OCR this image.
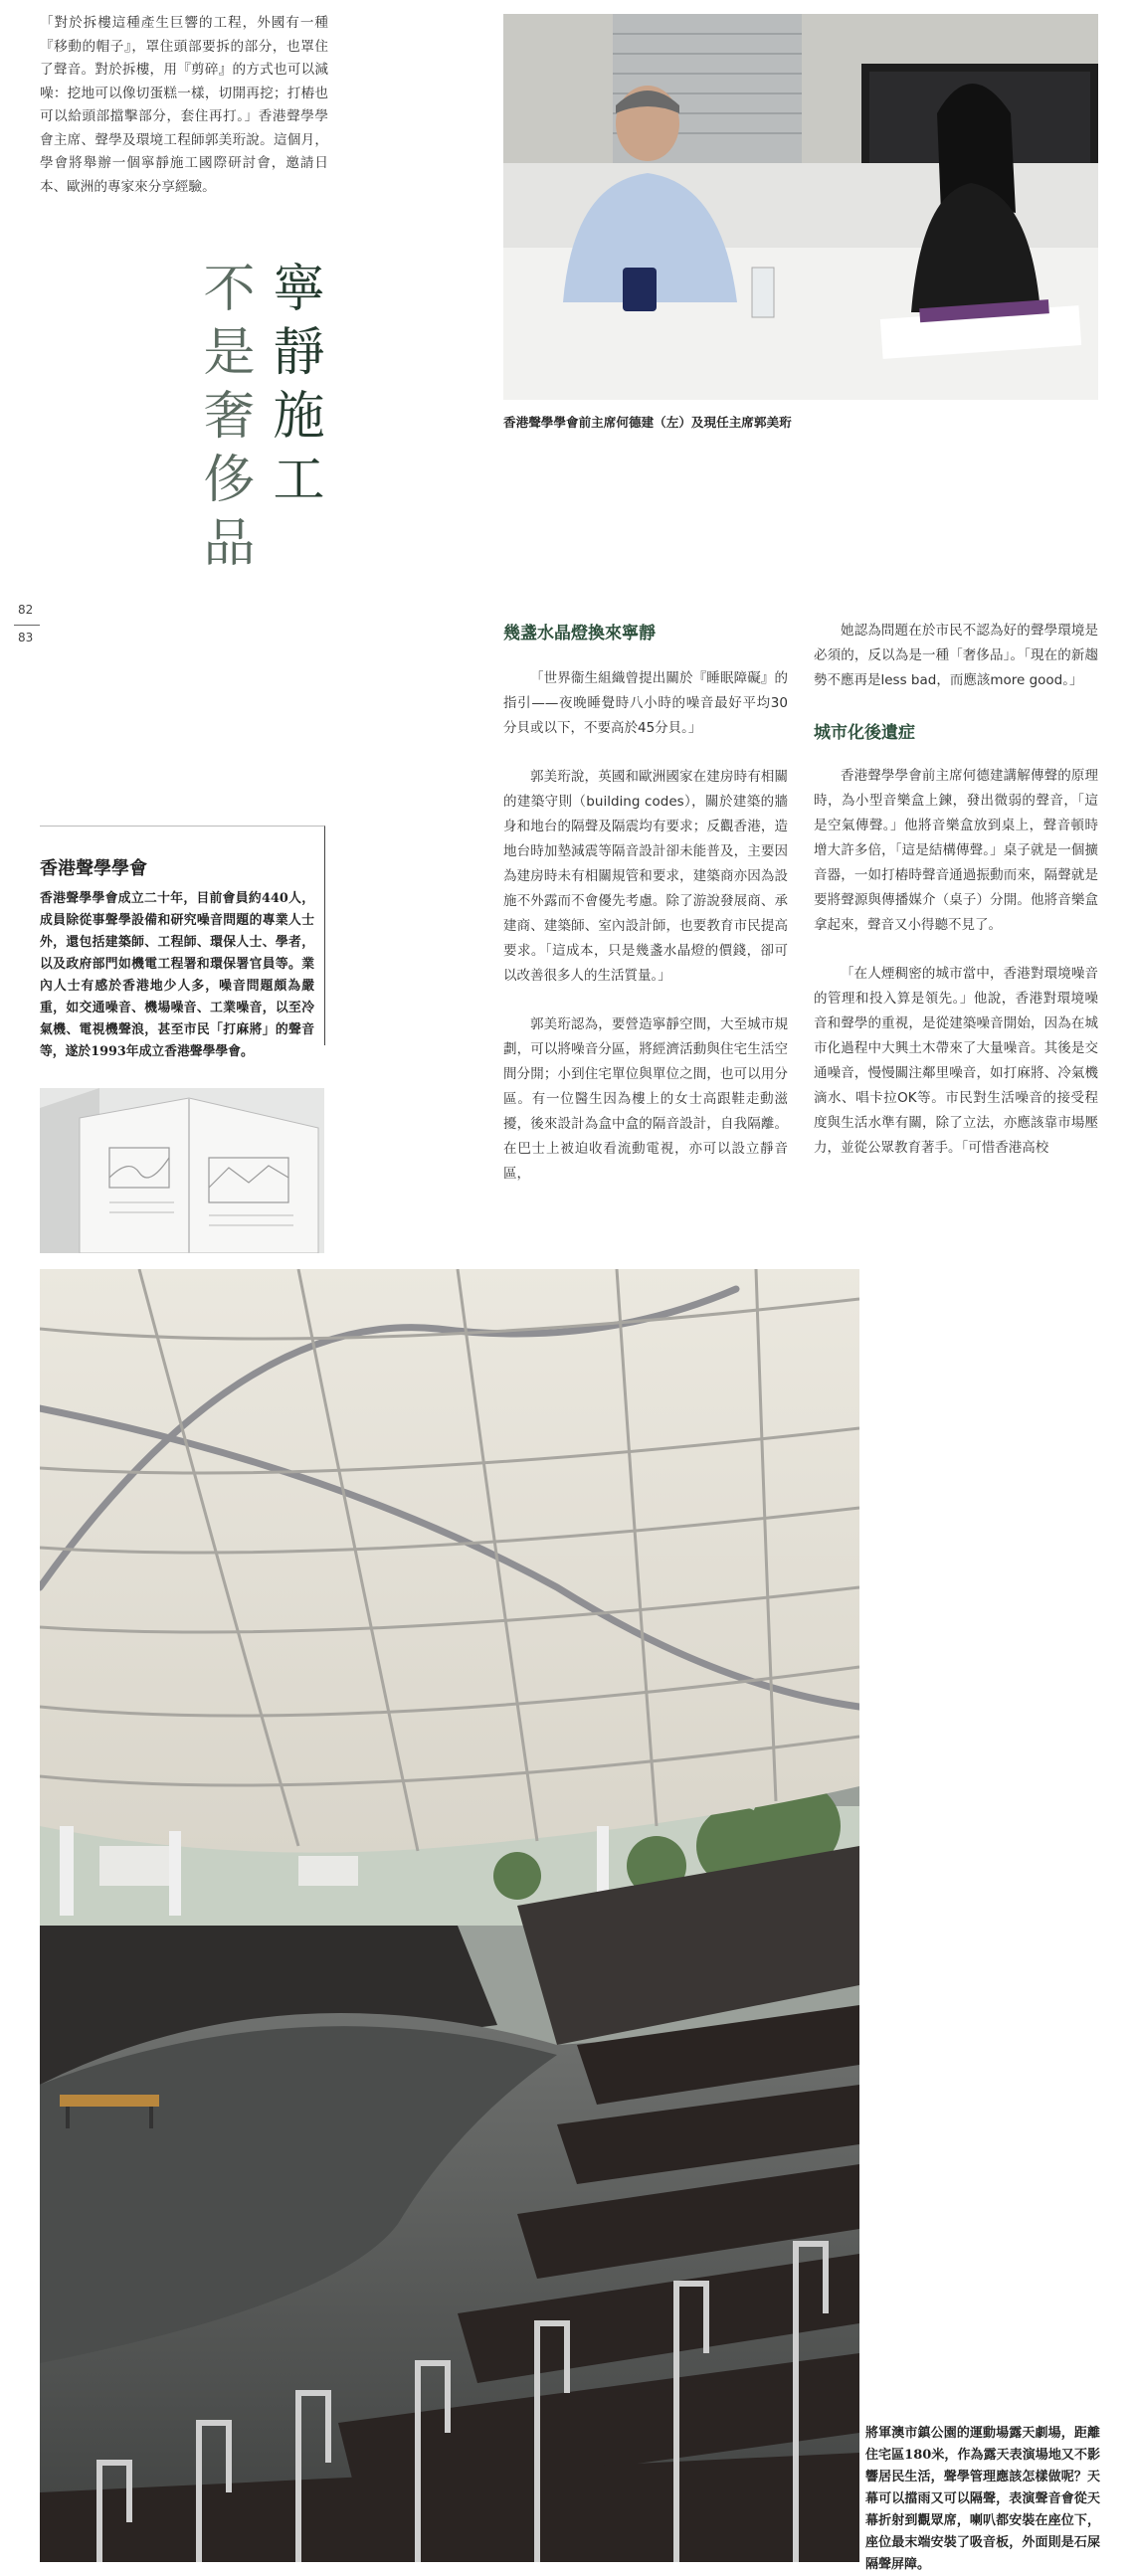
「對於拆樓這種產生巨響的工程，外國有一種『移動的帽子』，罩住頭部要拆的部分，也罩住了聲音。對於拆樓，用『剪碎』的方式也可以減噪：挖地可以像切蛋糕一樣，切開再挖；打樁也可以給頭部擋擊部分，套住再打。」香港聲學學會主席、聲學及環境工程師郭美珩說。這個月，學會將舉辦一個寧靜施工國際研討會，邀請日本、歐洲的專家來分享經驗。
寧靜施工
不是奢侈品
82
83
香港聲學學會前主席何德建（左）及現任主席郭美珩
幾盞水晶燈換來寧靜

「世界衞生組織曾提出關於『睡眠障礙』的指引——夜晚睡覺時八小時的噪音最好平均30分貝或以下，不要高於45分貝。」

郭美珩說，英國和歐洲國家在建房時有相關的建築守則（building codes），關於建築的牆身和地台的隔聲及隔震均有要求；反觀香港，造地台時加墊減震等隔音設計卻未能普及，主要因為建房時未有相關規管和要求，建築商亦因為設施不外露而不會優先考慮。除了游說發展商、承建商、建築師、室內設計師，也要教育市民提高要求。「這成本，只是幾盞水晶燈的價錢，卻可以改善很多人的生活質量。」

郭美珩認為，要營造寧靜空間，大至城市規劃，可以將噪音分區，將經濟活動與住宅生活空間分開；小到住宅單位與單位之間，也可以用分區。有一位醫生因為樓上的女士高跟鞋走動滋擾，後來設計為盒中盒的隔音設計，自我隔離。在巴士上被迫收看流動電視，亦可以設立靜音區，

她認為問題在於市民不認為好的聲學環境是必須的，反以為是一種「奢侈品」。「現在的新趨勢不應再是less bad，而應該more good。」

城市化後遺症

香港聲學學會前主席何德建講解傳聲的原理時，為小型音樂盒上鍊，發出微弱的聲音，「這是空氣傳聲。」他將音樂盒放到桌上，聲音頓時增大許多倍，「這是結構傳聲。」桌子就是一個擴音器，一如打樁時聲音通過振動而來，隔聲就是要將聲源與傳播媒介（桌子）分開。他將音樂盒拿起來，聲音又小得聽不見了。

「在人煙稠密的城市當中，香港對環境噪音的管理和投入算是領先。」他說，香港對環境噪音和聲學的重視，是從建築噪音開始，因為在城市化過程中大興土木帶來了大量噪音。其後是交通噪音，慢慢關注鄰里噪音，如打麻將、冷氣機滴水、唱卡拉OK等。市民對生活噪音的接受程度與生活水準有關，除了立法，亦應該靠市場壓力，並從公眾教育著手。「可惜香港高校

香港聲學學會
香港聲學學會成立二十年，目前會員約440人，成員除從事聲學設備和研究噪音問題的專業人士外，還包括建築師、工程師、環保人士、學者，以及政府部門如機電工程署和環保署官員等。業內人士有感於香港地少人多，噪音問題頗為嚴重，如交通噪音、機場噪音、工業噪音，以至冷氣機、電視機聲浪，甚至市民「打麻將」的聲音等，遂於1993年成立香港聲學學會。
將軍澳市鎮公園的運動場露天劇場，距離住宅區180米，作為露天表演場地又不影響居民生活，聲學管理應該怎樣做呢？天幕可以擋雨又可以隔聲，表演聲音會從天幕折射到觀眾席，喇叭都安裝在座位下，座位最末端安裝了吸音板，外面則是石屎隔聲屏障。
